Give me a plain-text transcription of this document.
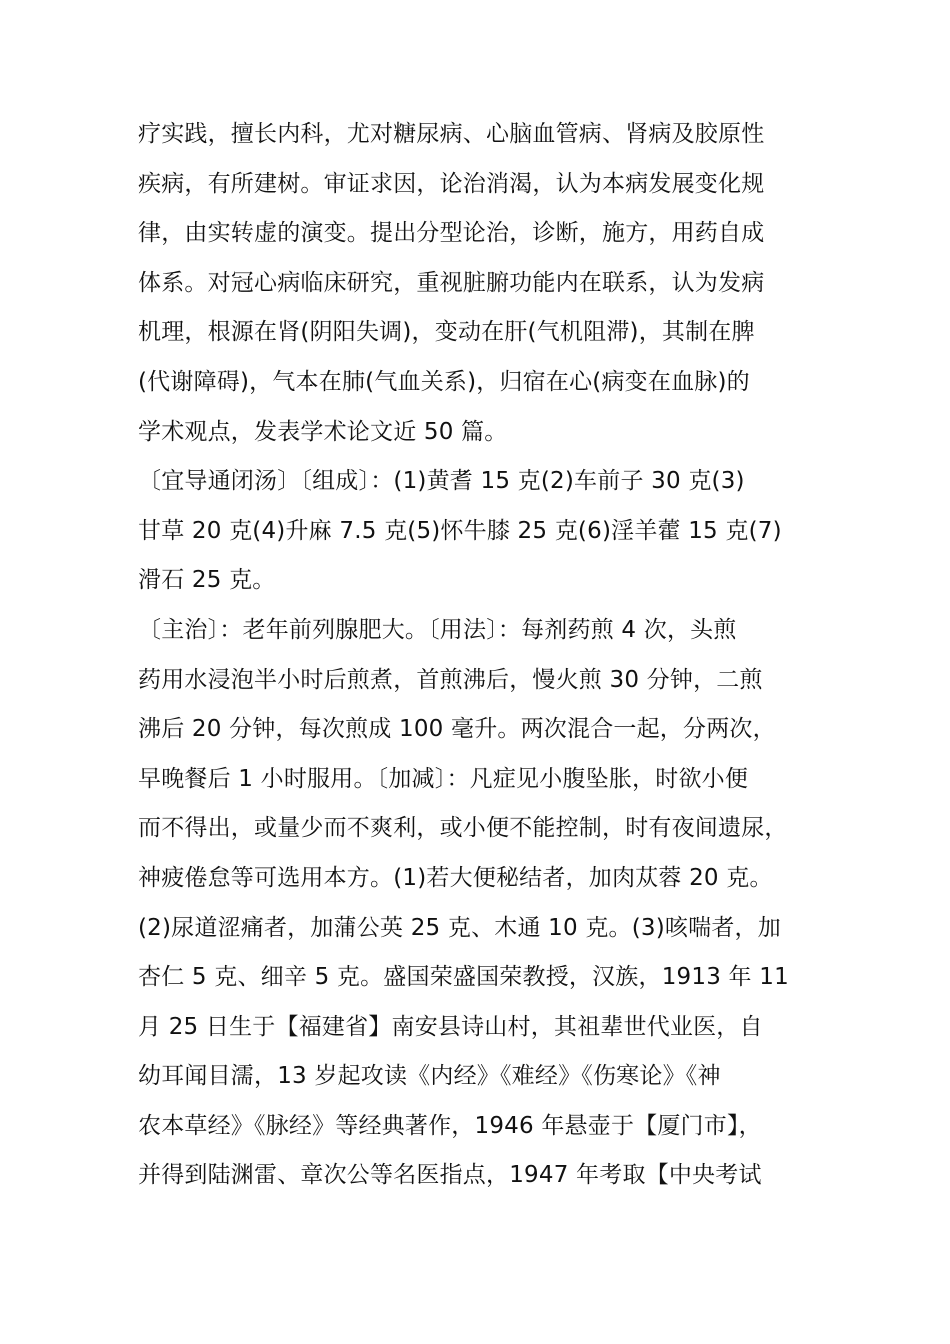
疗实践，擅长内科，尤对糖尿病、心脑血管病、肾病及胶原性
疾病，有所建树。审证求因，论治消渴，认为本病发展变化规
律，由实转虚的演变。提出分型论治，诊断，施方，用药自成
体系。对冠心病临床研究，重视脏腑功能内在联系，认为发病
机理，根源在肾(阴阳失调)，变动在肝(气机阻滞)，其制在脾
(代谢障碍)，气本在肺(气血关系)，归宿在心(病变在血脉)的
学术观点，发表学术论文近 50 篇。
〔宜导通闭汤〕〔组成〕：(1)黄耆 15 克(2)车前子 30 克(3)
甘草 20 克(4)升麻 7.5 克(5)怀牛膝 25 克(6)淫羊藿 15 克(7)
滑石 25 克。
〔主治〕：老年前列腺肥大。〔用法〕：每剂药煎 4 次，头煎
药用水浸泡半小时后煎煮，首煎沸后，慢火煎 30 分钟，二煎
沸后 20 分钟，每次煎成 100 毫升。两次混合一起，分两次，
早晚餐后 1 小时服用。〔加减〕：凡症见小腹坠胀，时欲小便
而不得出，或量少而不爽利，或小便不能控制，时有夜间遗尿，
神疲倦怠等可选用本方。(1)若大便秘结者，加肉苁蓉 20 克。
(2)尿道涩痛者，加蒲公英 25 克、木通 10 克。(3)咳喘者，加
杏仁 5 克、细辛 5 克。盛国荣盛国荣教授，汉族，1913 年 11
月 25 日生于【福建省】南安县诗山村，其祖辈世代业医，自
幼耳闻目濡，13 岁起攻读《内经》《难经》《伤寒论》《神
农本草经》《脉经》等经典著作，1946 年悬壶于【厦门市】，
并得到陆渊雷、章次公等名医指点，1947 年考取【中央考试
